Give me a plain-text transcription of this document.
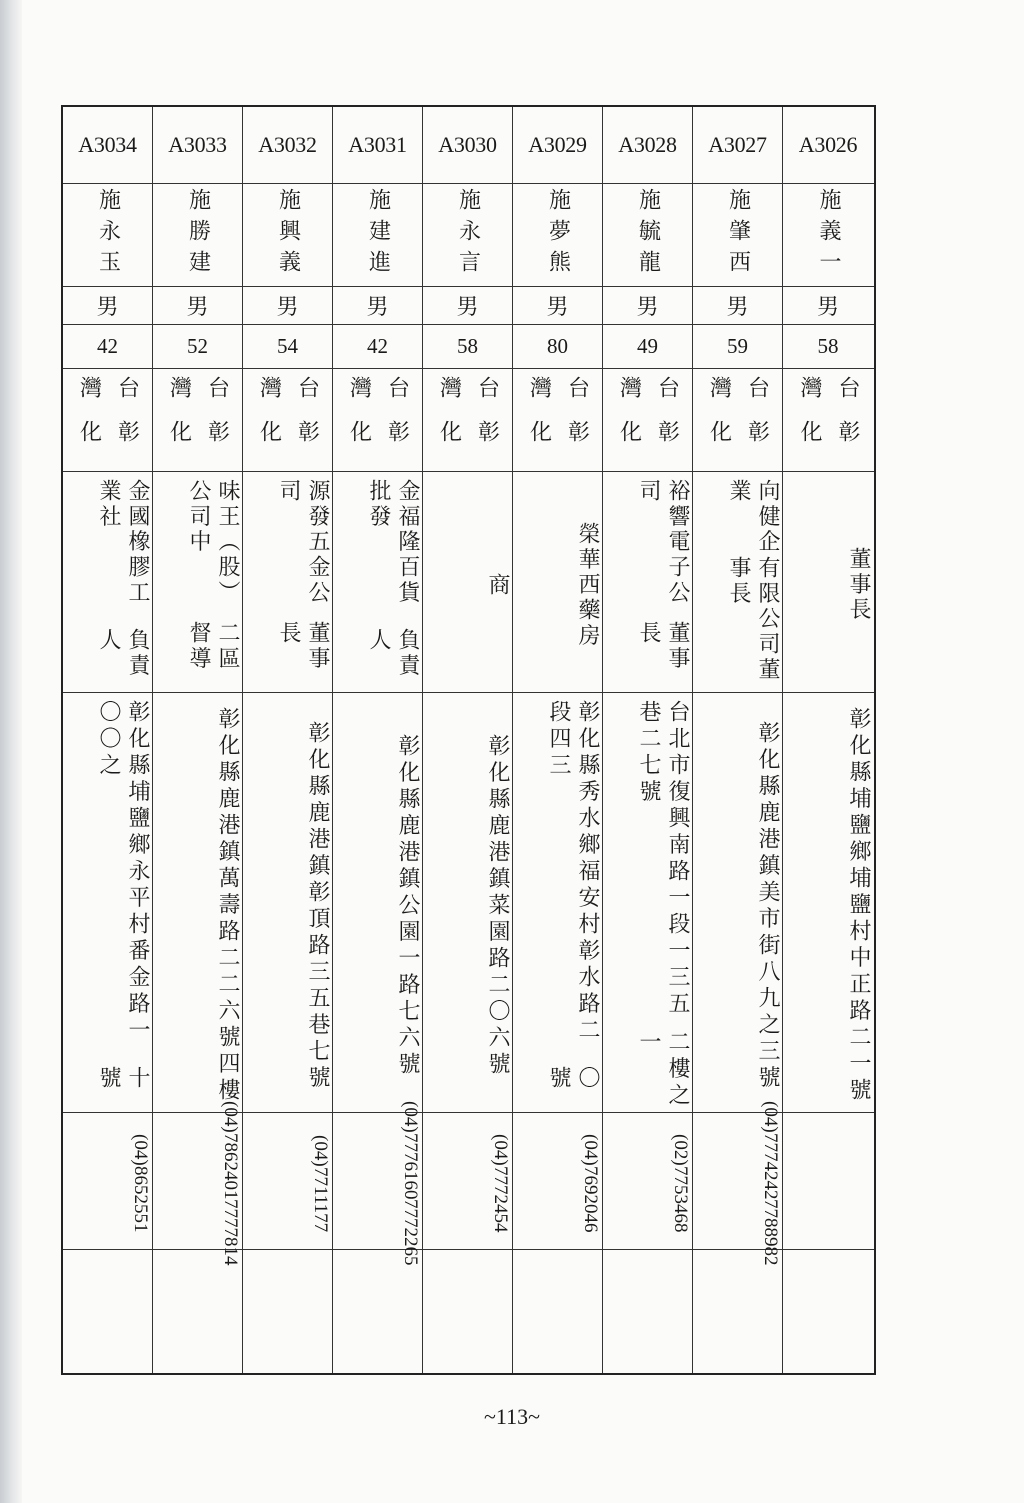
A3034
施永玉
男
42
台灣
彰化
金國橡膠工業社
負責人
彰化縣埔鹽鄉永平村番金路一〇〇之
十號
(04)
8652551
A3033
施勝建
男
52
台灣
彰化
味王（股）公司中
二區督導
彰化縣鹿港鎮萬壽路二二六號四樓
(04)
7862401
7777814
A3032
施興義
男
54
台灣
彰化
源發五金公司
董事長
彰化縣鹿港鎮彰頂路三五巷七號
(04)
7711177
A3031
施建進
男
42
台灣
彰化
金福隆百貨批發
負責人
彰化縣鹿港鎮公園一路七六號
(04)
7776160
7772265
A3030
施永言
男
58
台灣
彰化
商
彰化縣鹿港鎮菜園路二〇六號
(04)
7772454
A3029
施夢熊
男
80
台灣
彰化
榮華西藥房
彰化縣秀水鄉福安村彰水路二段四三
〇號
(04)
7692046
A3028
施毓龍
男
49
台灣
彰化
裕響電子公司
董事長
台北市復興南路一段一三五巷二七號
二樓之一
(02)
7753468
A3027
施肇西
男
59
台灣
彰化
向健企業
有限公司董事長
彰化縣鹿港鎮美市街八九之三號
(04)
7774242
7788982
A3026
施義一
男
58
台灣
彰化
董事長
彰化縣埔鹽鄉埔鹽村中正路二一號
~113~
